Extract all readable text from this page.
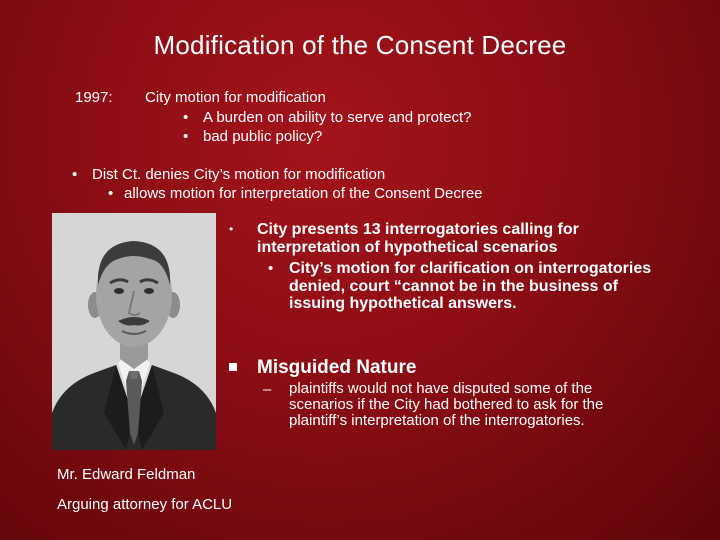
Modification of the Consent Decree
1997: City motion for modification
• A burden on ability to serve and protect?
• bad public policy?
• Dist Ct. denies City’s motion for modification
• allows motion for interpretation of the Consent Decree
Mr. Edward Feldman
Arguing attorney for ACLU
• City presents 13 interrogatories calling for interpretation of hypothetical scenarios
• City’s motion for clarification on interrogatories denied, court “cannot be in the business of issuing hypothetical answers.
Misguided Nature
– plaintiffs would not have disputed some of the scenarios if the City had bothered to ask for the plaintiff’s interpretation of the interrogatories.
